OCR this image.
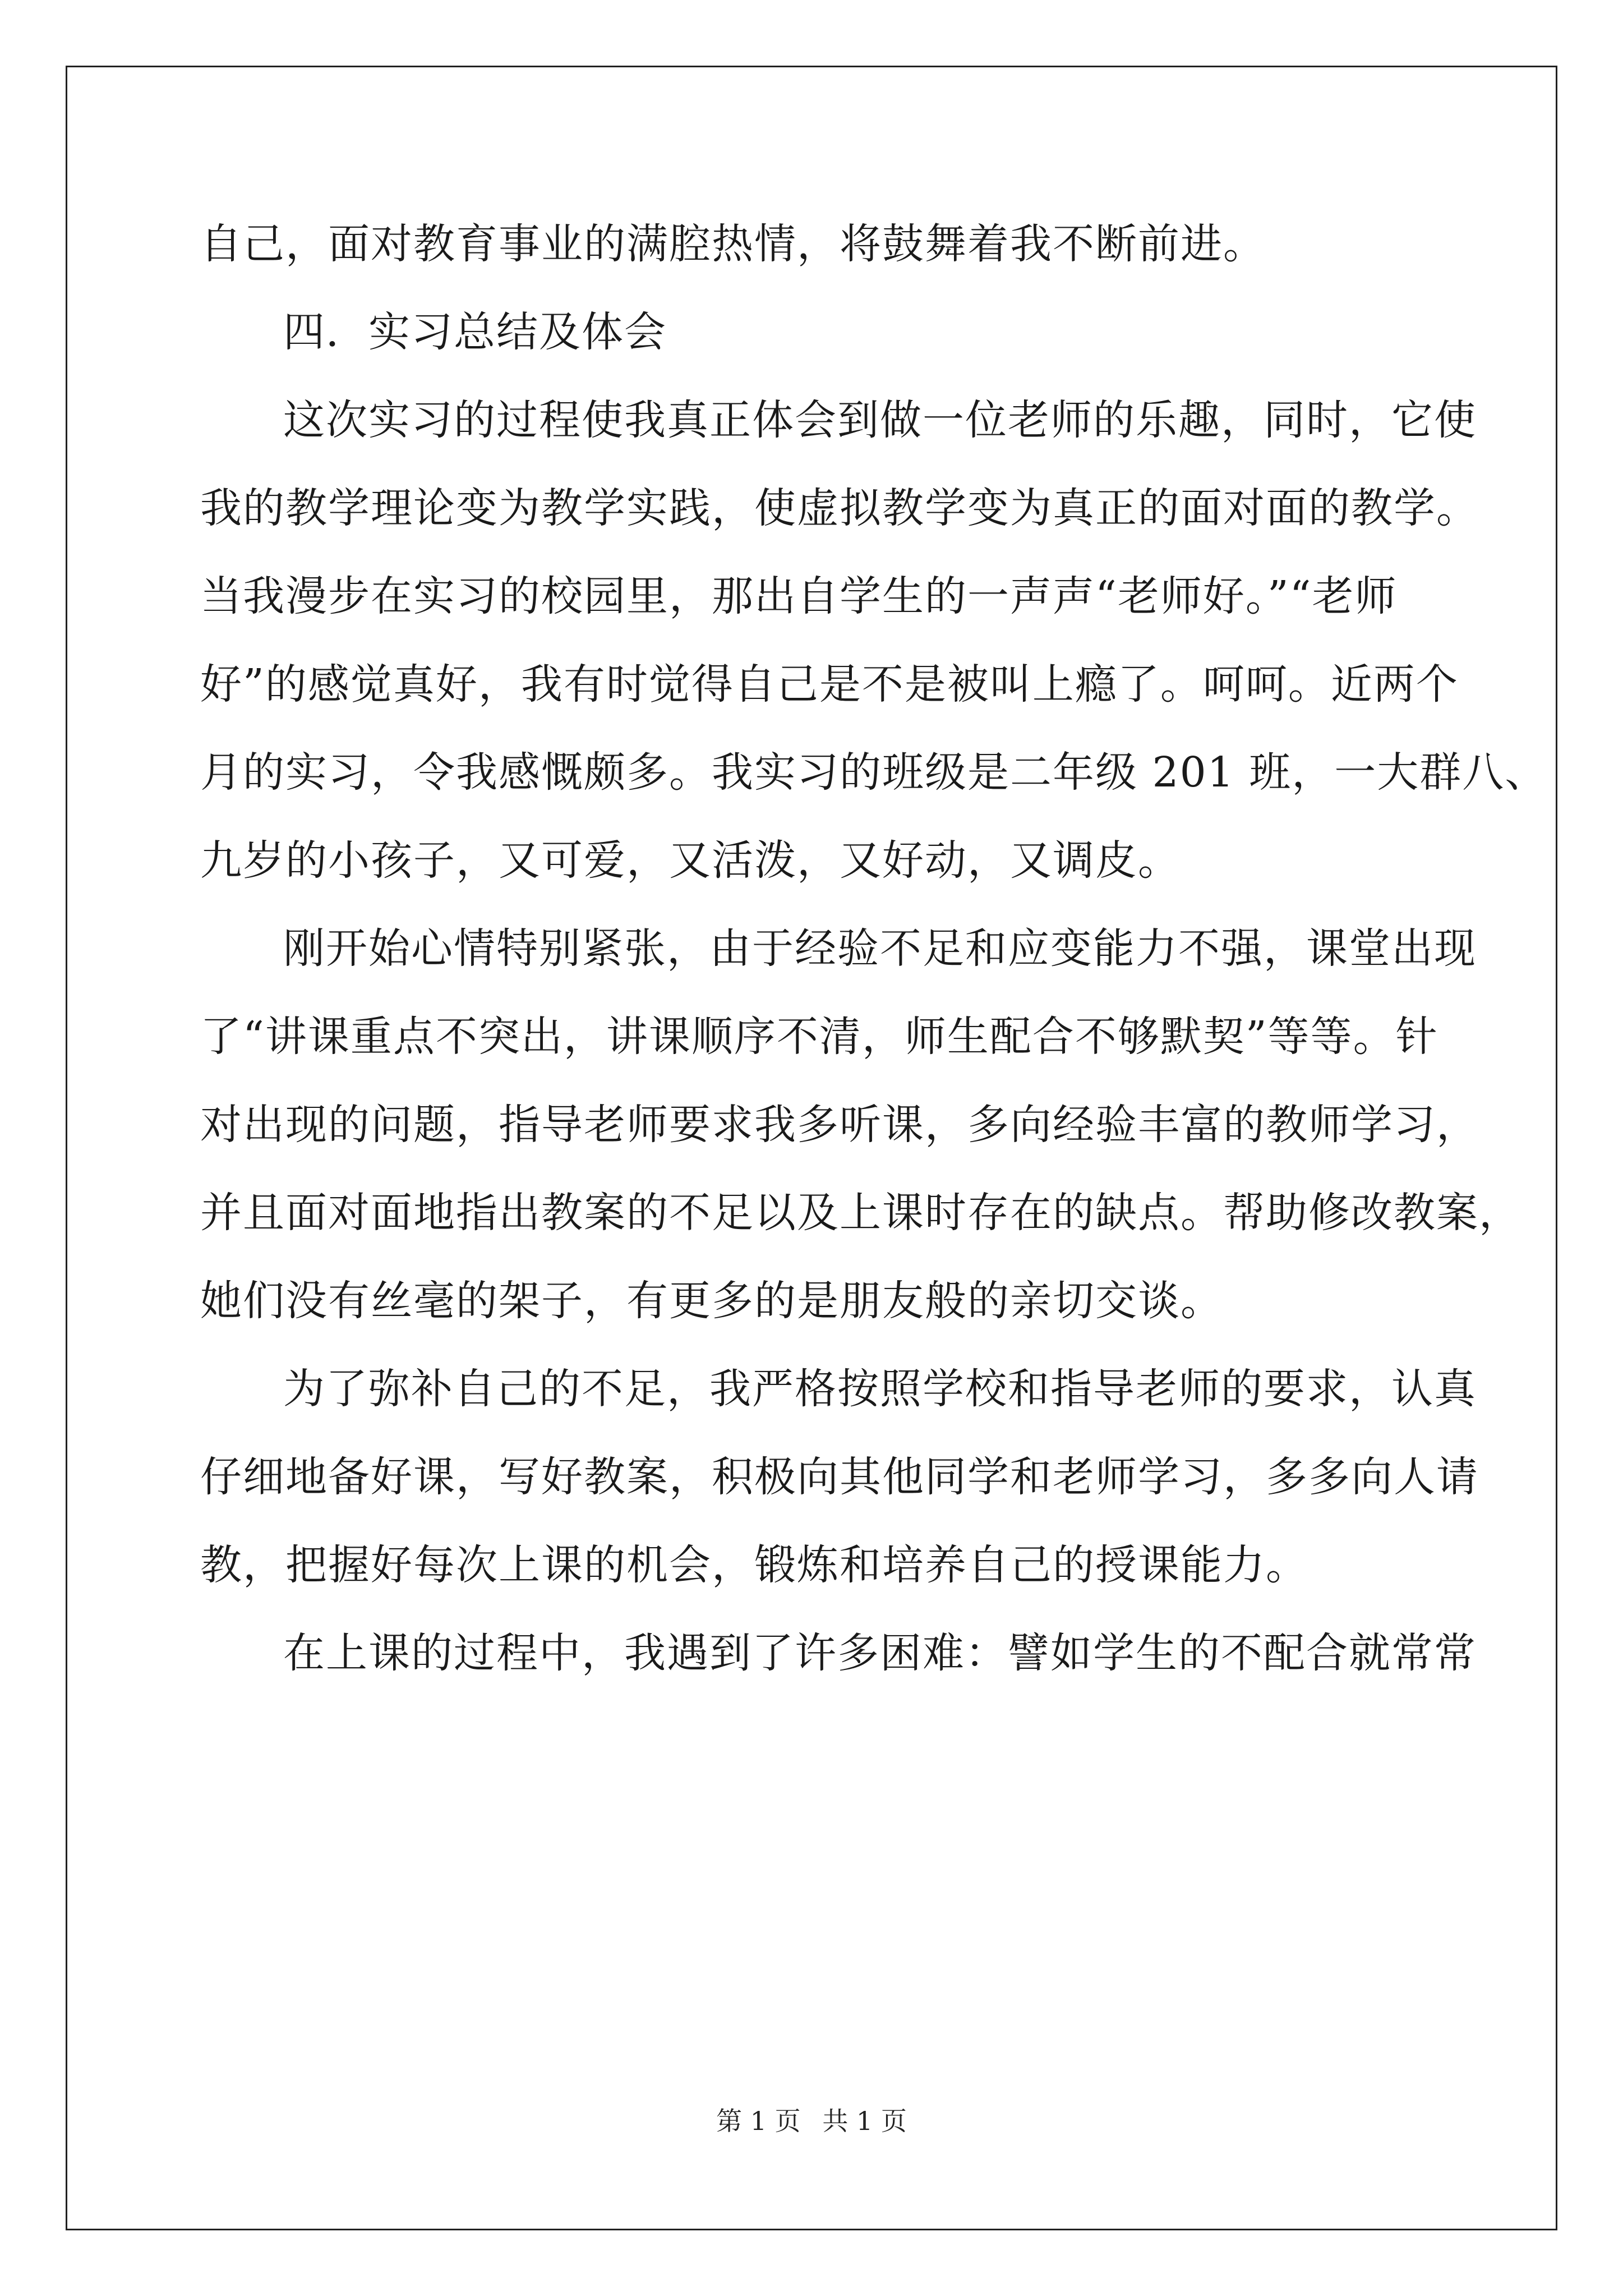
自己，面对教育事业的满腔热情，将鼓舞着我不断前进。
四．实习总结及体会
这次实习的过程使我真正体会到做一位老师的乐趣，同时，它使
我的教学理论变为教学实践，使虚拟教学变为真正的面对面的教学。
当我漫步在实习的校园里，那出自学生的一声声“老师好。”“老师
好”的感觉真好，我有时觉得自己是不是被叫上瘾了。呵呵。近两个
月的实习，令我感慨颇多。我实习的班级是二年级 201 班，一大群八、
九岁的小孩子，又可爱，又活泼，又好动，又调皮。
刚开始心情特别紧张，由于经验不足和应变能力不强，课堂出现
了“讲课重点不突出，讲课顺序不清，师生配合不够默契”等等。针
对出现的问题，指导老师要求我多听课，多向经验丰富的教师学习，
并且面对面地指出教案的不足以及上课时存在的缺点。帮助修改教案，
她们没有丝毫的架子，有更多的是朋友般的亲切交谈。
为了弥补自己的不足，我严格按照学校和指导老师的要求，认真
仔细地备好课，写好教案，积极向其他同学和老师学习，多多向人请
教，把握好每次上课的机会，锻炼和培养自己的授课能力。
在上课的过程中，我遇到了许多困难：譬如学生的不配合就常常
第 1 页 共 1 页
